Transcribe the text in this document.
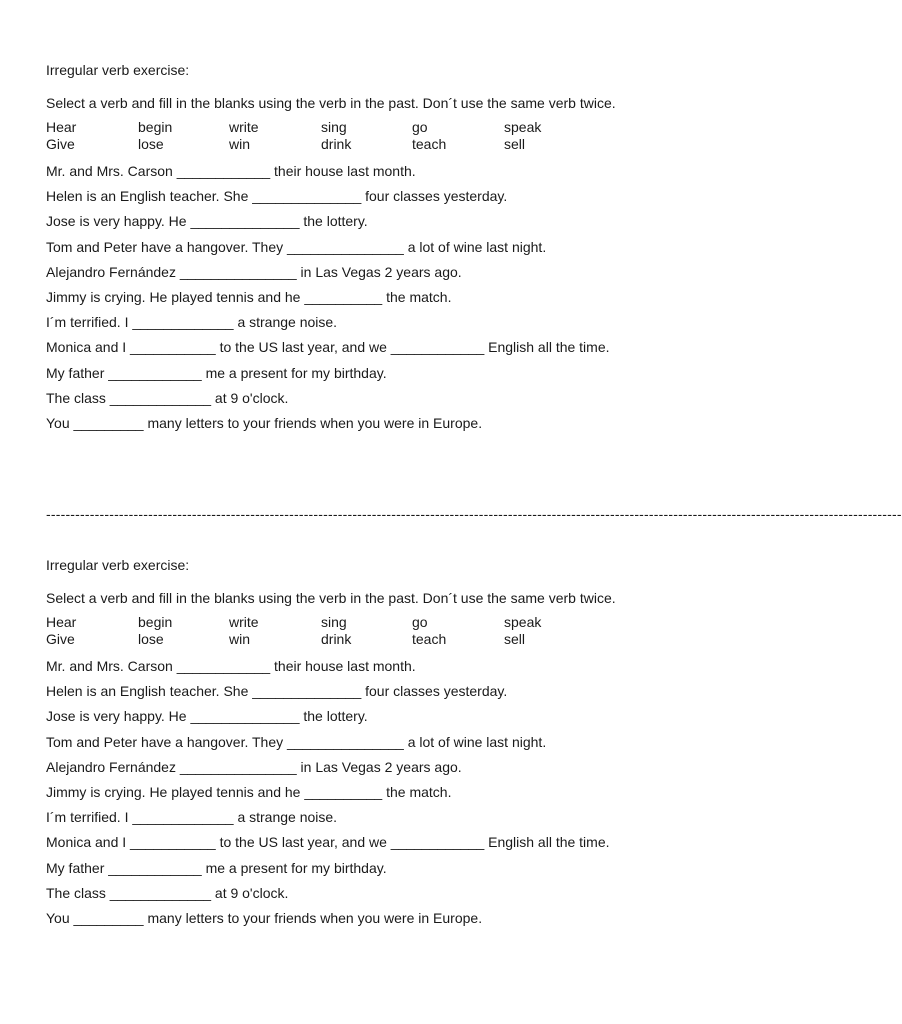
Irregular verb exercise:

Select a verb and fill in the blanks using the verb in the past. Don´t use the same verb twice.

Hear	begin	write	sing	go	speak
Give	lose	win	drink	teach	sell
Mr. and Mrs. Carson ____________ their house last month.
Helen is an English teacher. She ______________ four classes yesterday.
Jose is very happy. He ______________ the lottery.
Tom and Peter have a hangover. They _______________ a lot of wine last night.
Alejandro Fernández _______________ in Las Vegas 2 years ago.
Jimmy is crying. He played tennis and he __________ the match.
I´m terrified. I _____________ a strange noise.
Monica and I ___________ to the US last year, and we ____________ English all the time.
My father ____________ me a present for my birthday.
The class _____________ at 9 o'clock.
You _________ many letters to your friends when you were in Europe.
--------------------------------------------------------------------------------------------------------------------------------------------------------------------------------

Irregular verb exercise:

Select a verb and fill in the blanks using the verb in the past. Don´t use the same verb twice.

Hear	begin	write	sing	go	speak
Give	lose	win	drink	teach	sell
Mr. and Mrs. Carson ____________ their house last month.
Helen is an English teacher. She ______________ four classes yesterday.
Jose is very happy. He ______________ the lottery.
Tom and Peter have a hangover. They _______________ a lot of wine last night.
Alejandro Fernández _______________ in Las Vegas 2 years ago.
Jimmy is crying. He played tennis and he __________ the match.
I´m terrified. I _____________ a strange noise.
Monica and I ___________ to the US last year, and we ____________ English all the time.
My father ____________ me a present for my birthday.
The class _____________ at 9 o'clock.
You _________ many letters to your friends when you were in Europe.
